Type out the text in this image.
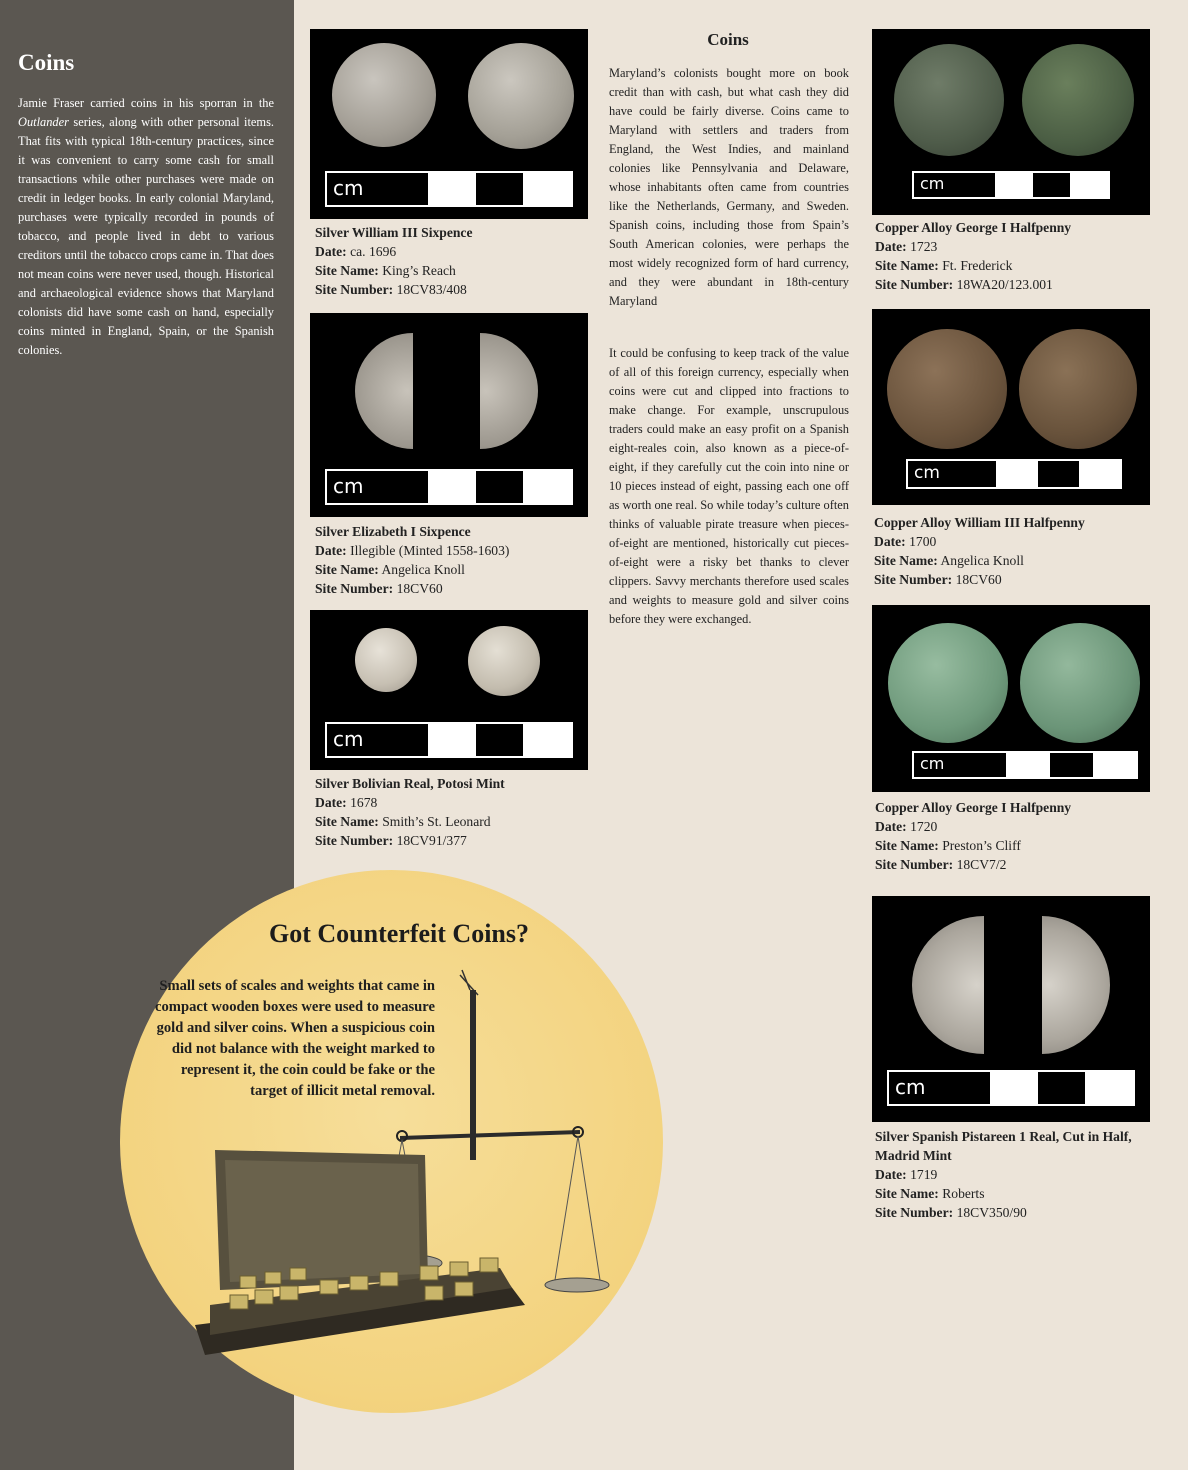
Coins

Jamie Fraser carried coins in his sporran in the Outlander series, along with other personal items. That fits with typical 18th-century practices, since it was convenient to carry some cash for small transactions while other purchases were made on credit in ledger books. In early colonial Maryland, purchases were typically recorded in pounds of tobacco, and people lived in debt to various creditors until the tobacco crops came in. That does not mean coins were never used, though. Historical and archaeological evidence shows that Maryland colonists did have some cash on hand, especially coins minted in England, Spain, or the Spanish colonies.

cm
Silver William III Sixpence
Date: ca. 1696
Site Name: King’s Reach
Site Number: 18CV83/408
cm
Silver Elizabeth I Sixpence
Date: Illegible (Minted 1558-1603)
Site Name: Angelica Knoll
Site Number: 18CV60
cm
Silver Bolivian Real, Potosi Mint
Date: 1678
Site Name: Smith’s St. Leonard
Site Number: 18CV91/377
Coins

Maryland’s colonists bought more on book credit than with cash, but what cash they did have could be fairly diverse. Coins came to Maryland with settlers and traders from England, the West Indies, and mainland colonies like Pennsylvania and Delaware, whose inhabitants often came from countries like the Netherlands, Germany, and Sweden. Spanish coins, including those from Spain’s South American colonies, were perhaps the most widely recognized form of hard currency, and they were abundant in 18th-century Maryland

It could be confusing to keep track of the value of all of this foreign currency, especially when coins were cut and clipped into fractions to make change. For example, unscrupulous traders could make an easy profit on a Spanish eight-reales coin, also known as a piece-of-eight, if they carefully cut the coin into nine or 10 pieces instead of eight, passing each one off as worth one real. So while today’s culture often thinks of valuable pirate treasure when pieces-of-eight are mentioned, historically cut pieces-of-eight were a risky bet thanks to clever clippers. Savvy merchants therefore used scales and weights to measure gold and silver coins before they were exchanged.

cm
Copper Alloy George I Halfpenny
Date: 1723
Site Name: Ft. Frederick
Site Number: 18WA20/123.001
cm
Copper Alloy William III Halfpenny
Date: 1700
Site Name: Angelica Knoll
Site Number: 18CV60
cm
Copper Alloy George I Halfpenny
Date: 1720
Site Name: Preston’s Cliff
Site Number: 18CV7/2
cm
Silver Spanish Pistareen 1 Real, Cut in Half, Madrid Mint
Date: 1719
Site Name: Roberts
Site Number: 18CV350/90
Got Counterfeit Coins?

Small sets of scales and weights that came in compact wooden boxes were used to measure gold and silver coins. When a suspicious coin did not balance with the weight marked to represent it, the coin could be fake or the target of illicit metal removal.
